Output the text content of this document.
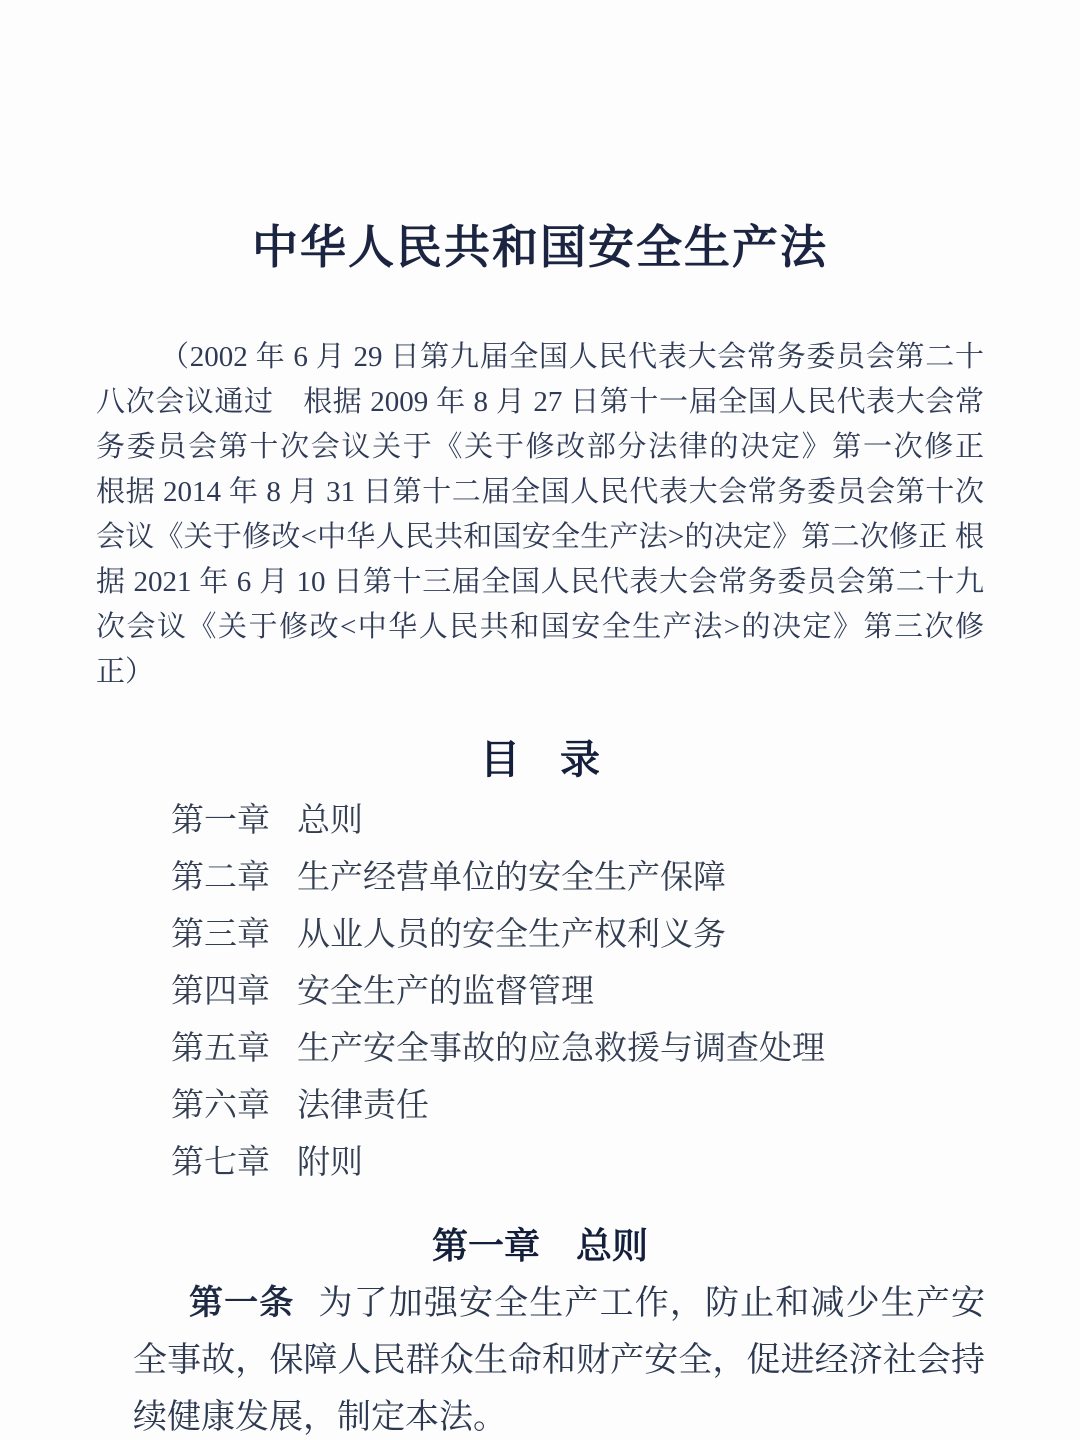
中华人民共和国安全生产法

（2002 年 6 月 29 日第九届全国人民代表大会常务委员会第二十八次会议通过　根据 2009 年 8 月 27 日第十一届全国人民代表大会常务委员会第十次会议关于《关于修改部分法律的决定》第一次修正　根据 2014 年 8 月 31 日第十二届全国人民代表大会常务委员会第十次会议《关于修改<中华人民共和国安全生产法>的决定》第二次修正 根据 2021 年 6 月 10 日第十三届全国人民代表大会常务委员会第二十九次会议《关于修改<中华人民共和国安全生产法>的决定》第三次修正）

目　录
第一章 总则
第二章 生产经营单位的安全生产保障
第三章 从业人员的安全生产权利义务
第四章 安全生产的监督管理
第五章 生产安全事故的应急救援与调查处理
第六章 法律责任
第七章 附则
第一章　总则

第一条 为了加强安全生产工作，防止和减少生产安全事故，保障人民群众生命和财产安全，促进经济社会持续健康发展，制定本法。
